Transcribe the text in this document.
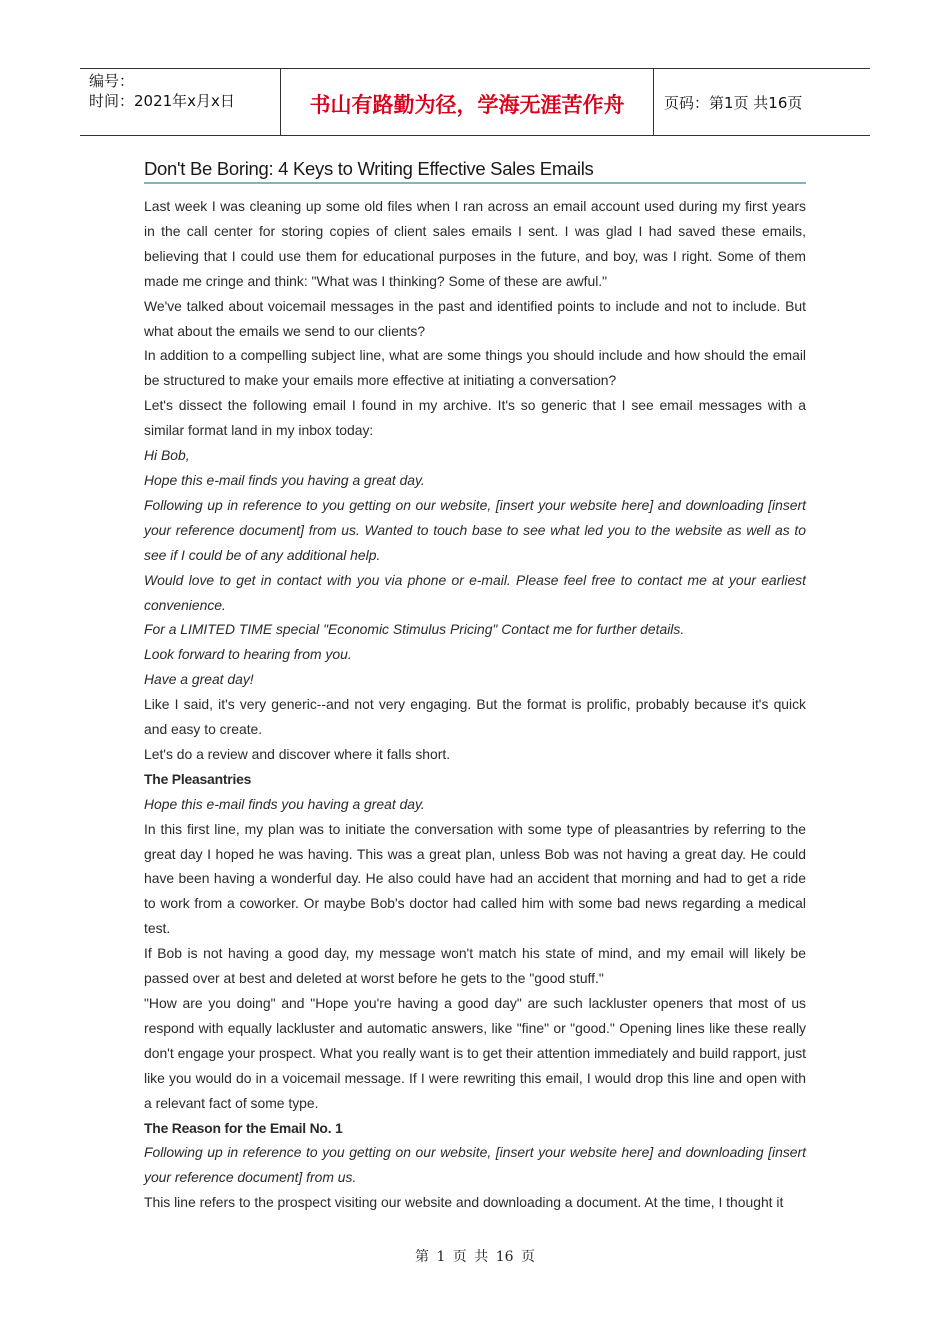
编号：
时间：2021年x月x日	书山有路勤为径，学海无涯苦作舟	页码：第1页 共16页
Don't Be Boring: 4 Keys to Writing Effective Sales Emails

Last week I was cleaning up some old files when I ran across an email account used during my first years in the call center for storing copies of client sales emails I sent. I was glad I had saved these emails, believing that I could use them for educational purposes in the future, and boy, was I right. Some of them made me cringe and think: "What was I thinking? Some of these are awful."

We've talked about voicemail messages in the past and identified points to include and not to include. But what about the emails we send to our clients?

In addition to a compelling subject line, what are some things you should include and how should the email be structured to make your emails more effective at initiating a conversation?

Let's dissect the following email I found in my archive. It's so generic that I see email messages with a similar format land in my inbox today:

Hi Bob,

Hope this e-mail finds you having a great day.

Following up in reference to you getting on our website, [insert your website here] and downloading [insert your reference document] from us. Wanted to touch base to see what led you to the website as well as to see if I could be of any additional help.

Would love to get in contact with you via phone or e-mail. Please feel free to contact me at your earliest convenience.

For a LIMITED TIME special "Economic Stimulus Pricing" Contact me for further details.

Look forward to hearing from you.

Have a great day!

Like I said, it's very generic--and not very engaging. But the format is prolific, probably because it's quick and easy to create.

Let's do a review and discover where it falls short.

The Pleasantries

Hope this e-mail finds you having a great day.

In this first line, my plan was to initiate the conversation with some type of pleasantries by referring to the great day I hoped he was having. This was a great plan, unless Bob was not having a great day. He could have been having a wonderful day. He also could have had an accident that morning and had to get a ride to work from a coworker. Or maybe Bob's doctor had called him with some bad news regarding a medical test.

If Bob is not having a good day, my message won't match his state of mind, and my email will likely be passed over at best and deleted at worst before he gets to the "good stuff."

"How are you doing" and "Hope you're having a good day" are such lackluster openers that most of us respond with equally lackluster and automatic answers, like "fine" or "good." Opening lines like these really don't engage your prospect. What you really want is to get their attention immediately and build rapport, just like you would do in a voicemail message. If I were rewriting this email, I would drop this line and open with a relevant fact of some type.

The Reason for the Email No. 1

Following up in reference to you getting on our website, [insert your website here] and downloading [insert your reference document] from us.

This line refers to the prospect visiting our website and downloading a document. At the time, I thought it

第 1 页 共 16 页
